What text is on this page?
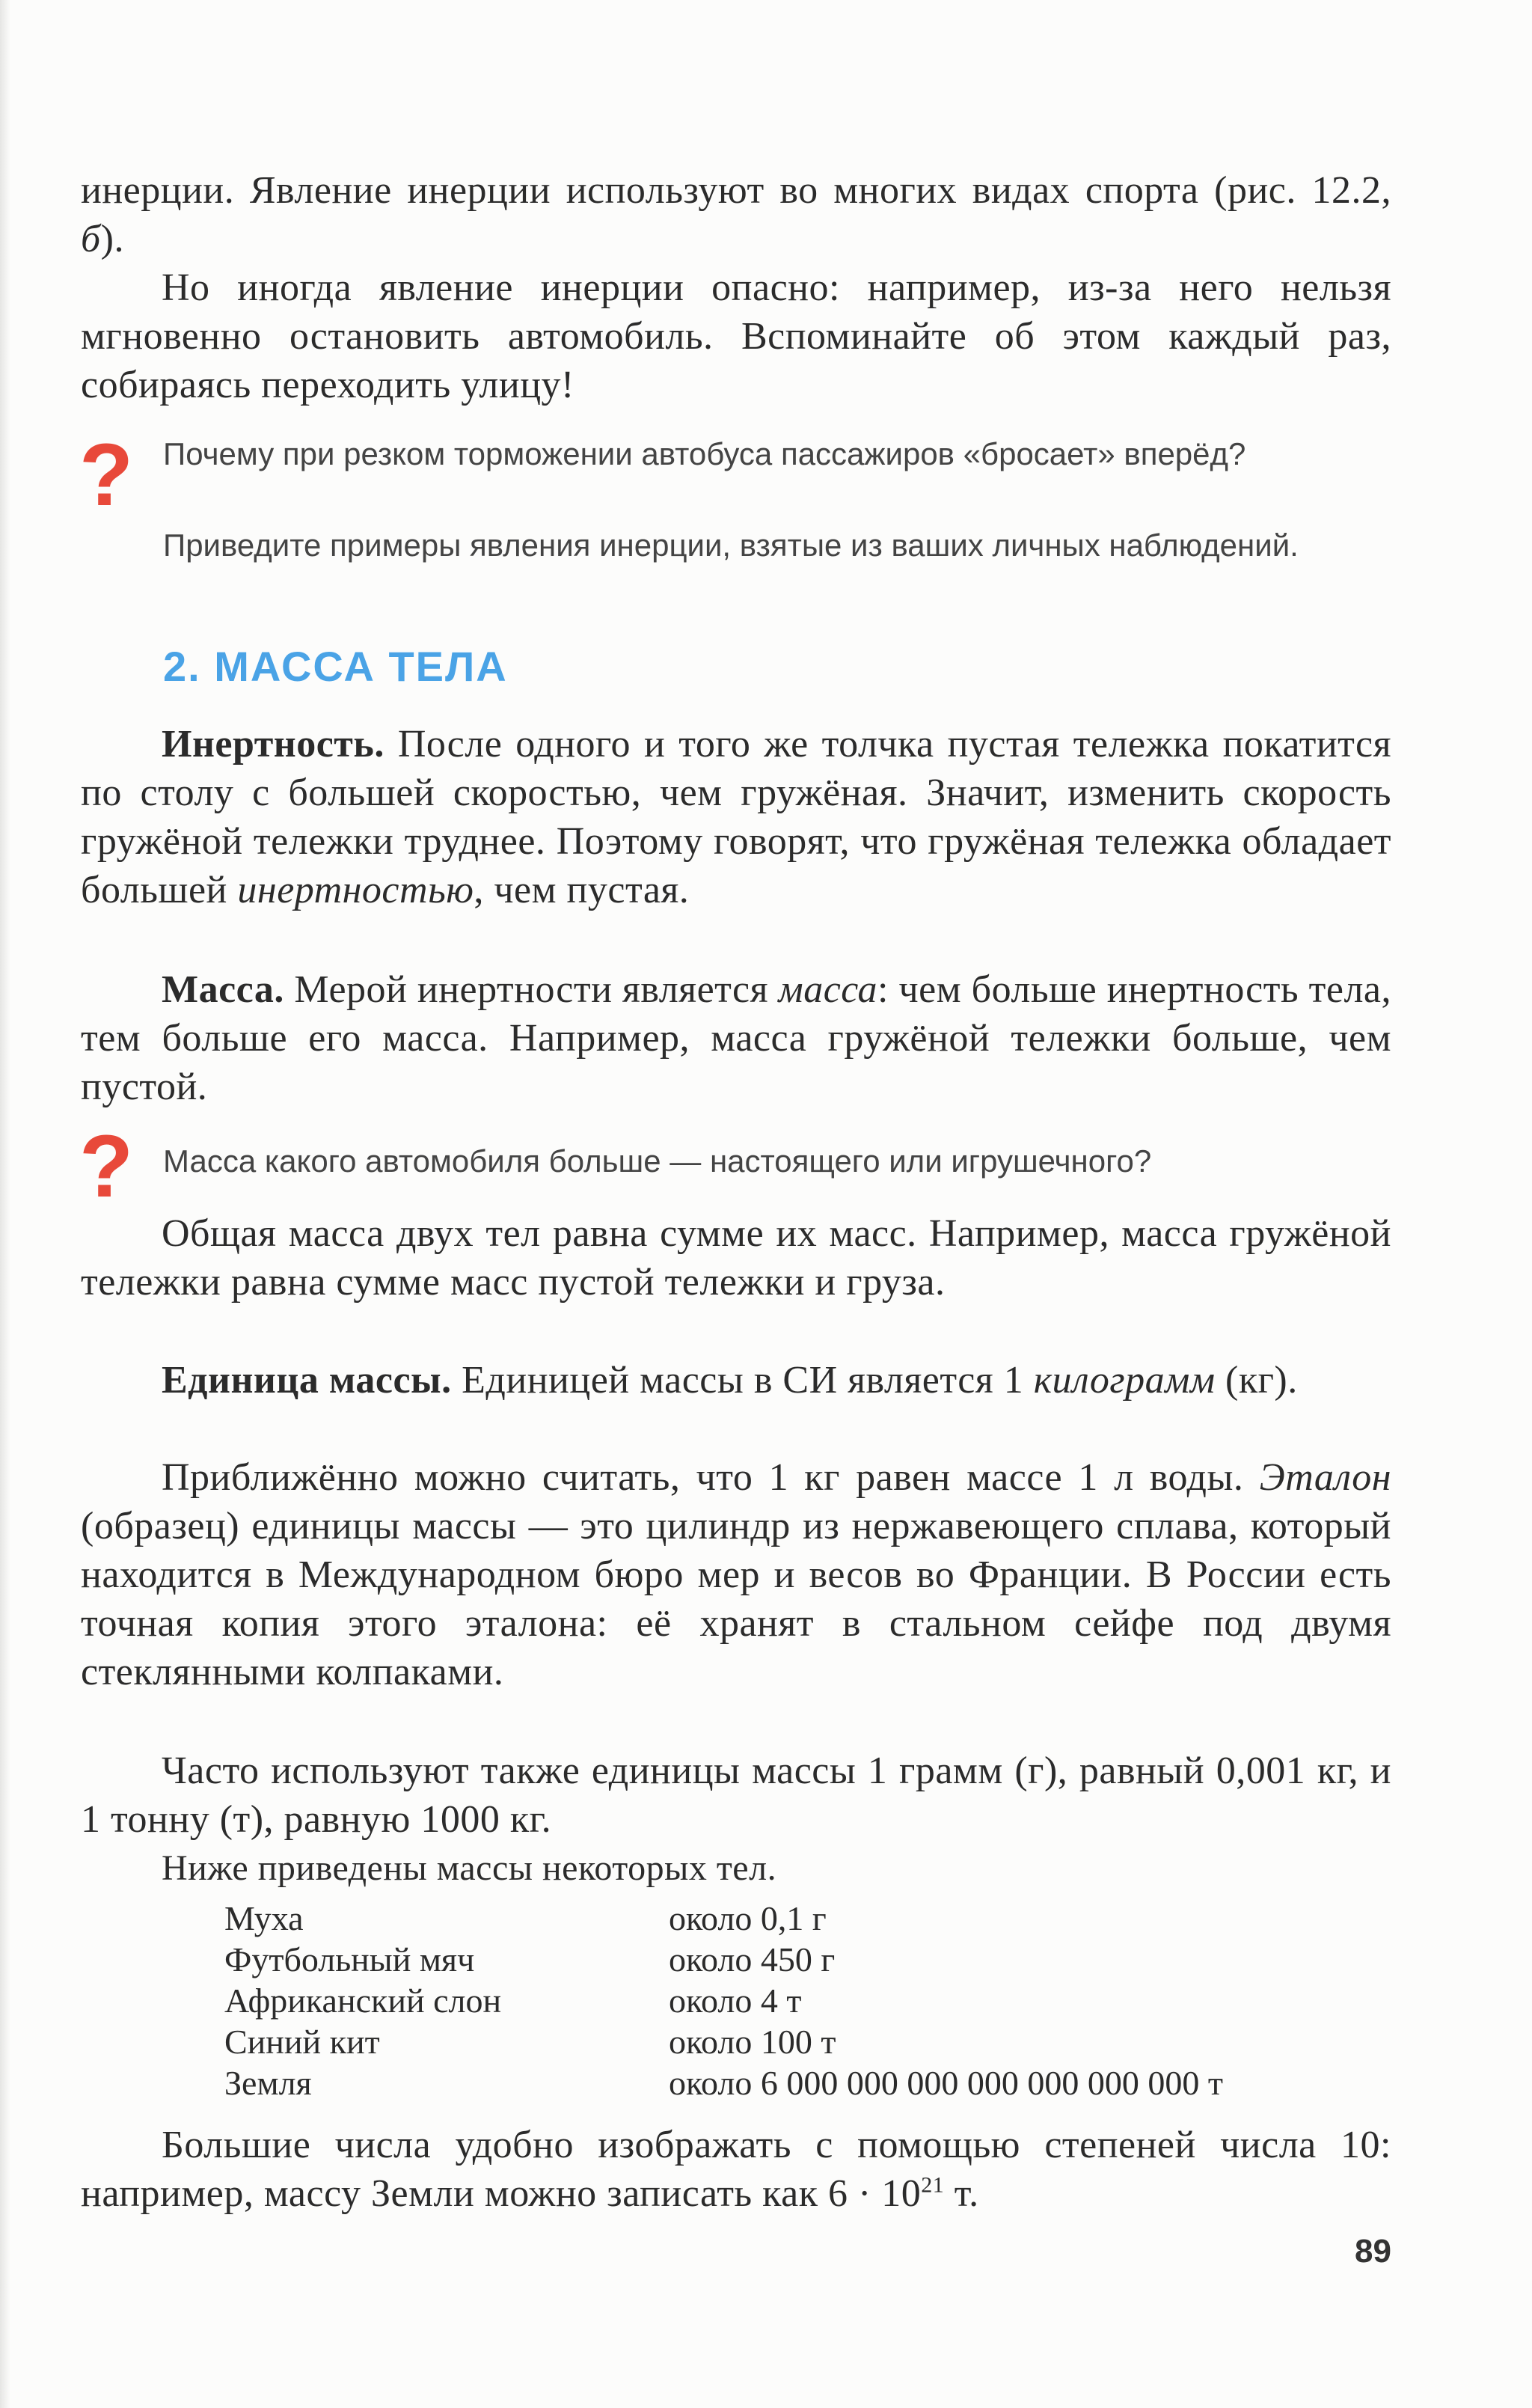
инерции. Явление инерции используют во многих видах спорта (рис. 12.2, б).

Но иногда явление инерции опасно: например, из-за него нельзя мгновенно остановить автомобиль. Вспоминайте об этом каждый раз, собираясь переходить улицу!

? Почему при резком торможении автобуса пассажиров «бросает» вперёд?

Приведите примеры явления инерции, взятые из ваших личных наблюдений.

2. МАССА ТЕЛА

Инертность. После одного и того же толчка пустая тележка покатится по столу с большей скоростью, чем гружёная. Значит, изменить скорость гружёной тележки труднее. Поэтому говорят, что гружёная тележка обладает большей инертностью, чем пустая.

Масса. Мерой инертности является масса: чем больше инертность тела, тем больше его масса. Например, масса гружёной тележки больше, чем пустой.

? Масса какого автомобиля больше — настоящего или игрушечного?

Общая масса двух тел равна сумме их масс. Например, масса гружёной тележки равна сумме масс пустой тележки и груза.

Единица массы. Единицей массы в СИ является 1 килограмм (кг).

Приближённо можно считать, что 1 кг равен массе 1 л воды. Эталон (образец) единицы массы — это цилиндр из нержавеющего сплава, который находится в Международном бюро мер и весов во Франции. В России есть точная копия этого эталона: её хранят в стальном сейфе под двумя стеклянными колпаками.

Часто используют также единицы массы 1 грамм (г), равный 0,001 кг, и 1 тонну (т), равную 1000 кг.

Ниже приведены массы некоторых тел.

Муха	около 0,1 г
Футбольный мяч	около 450 г
Африканский слон	около 4 т
Синий кит	около 100 т
Земля	около 6 000 000 000 000 000 000 000 т

Большие числа удобно изображать с помощью степеней числа 10: например, массу Земли можно записать как $6 \cdot 10^{21}$ т.

89
